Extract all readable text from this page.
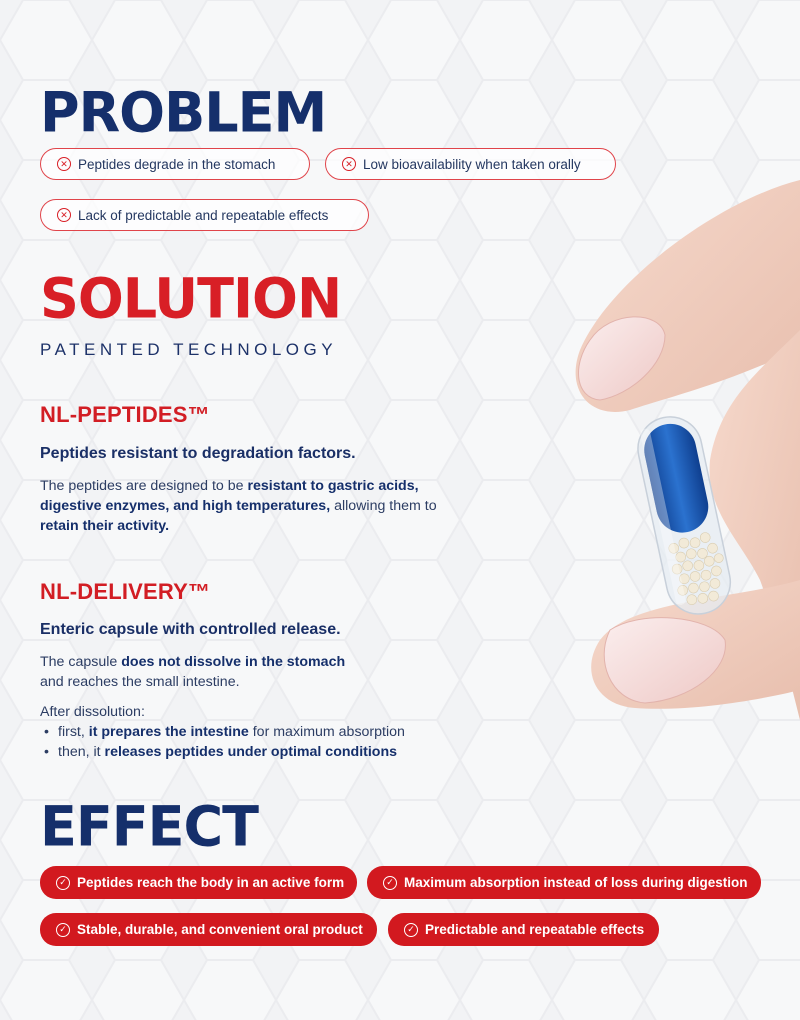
PROBLEM
✕ Peptides degrade in the stomach	✕ Low bioavailability when taken orally
✕ Lack of predictable and repeatable effects
SOLUTION

PATENTED TECHNOLOGY

NL-PEPTIDES™

Peptides resistant to degradation factors.

The peptides are designed to be resistant to gastric acids, digestive enzymes, and high temperatures, allowing them to retain their activity.

NL-DELIVERY™

Enteric capsule with controlled release.

The capsule does not dissolve in the stomach
and reaches the small intestine.

After dissolution:

• first, it prepares the intestine for maximum absorption
• then, it releases peptides under optimal conditions
EFFECT
✓ Peptides reach the body in an active form	✓ Maximum absorption instead of loss during digestion
✓ Stable, durable, and convenient oral product	✓ Predictable and repeatable effects
